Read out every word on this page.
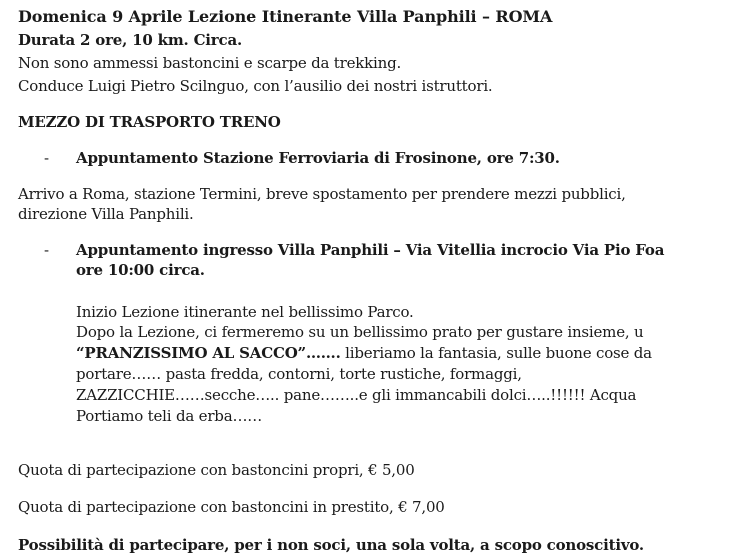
Domenica 9 Aprile Lezione Itinerante Villa Panphili – ROMA
Durata 2 ore, 10 km. Circa.
Non sono ammessi bastoncini e scarpe da trekking.
Conduce Luigi Pietro Scilnguo, con l’ausilio dei nostri istruttori.
MEZZO DI TRASPORTO TRENO
- Appuntamento Stazione Ferroviaria di Frosinone, ore 7:30.
Arrivo a Roma, stazione Termini, breve spostamento per prendere mezzi pubblici,
direzione Villa Panphili.
- Appuntamento ingresso Villa Panphili – Via Vitellia incrocio Via Pio Foa
ore 10:00 circa.
Inizio Lezione itinerante nel bellissimo Parco.
Dopo la Lezione, ci fermeremo su un bellissimo prato per gustare insieme, u
“PRANZISSIMO AL SACCO”……. liberiamo la fantasia, sulle buone cose da
portare…… pasta fredda, contorni, torte rustiche, formaggi,
ZAZZICCHIE……secche….. pane……..e gli immancabili dolci…..!!!!!! Acqua
Portiamo teli da erba……
Quota di partecipazione con bastoncini propri, € 5,00
Quota di partecipazione con bastoncini in prestito, € 7,00
Possibilità di partecipare, per i non soci, una sola volta, a scopo conoscitivo.
